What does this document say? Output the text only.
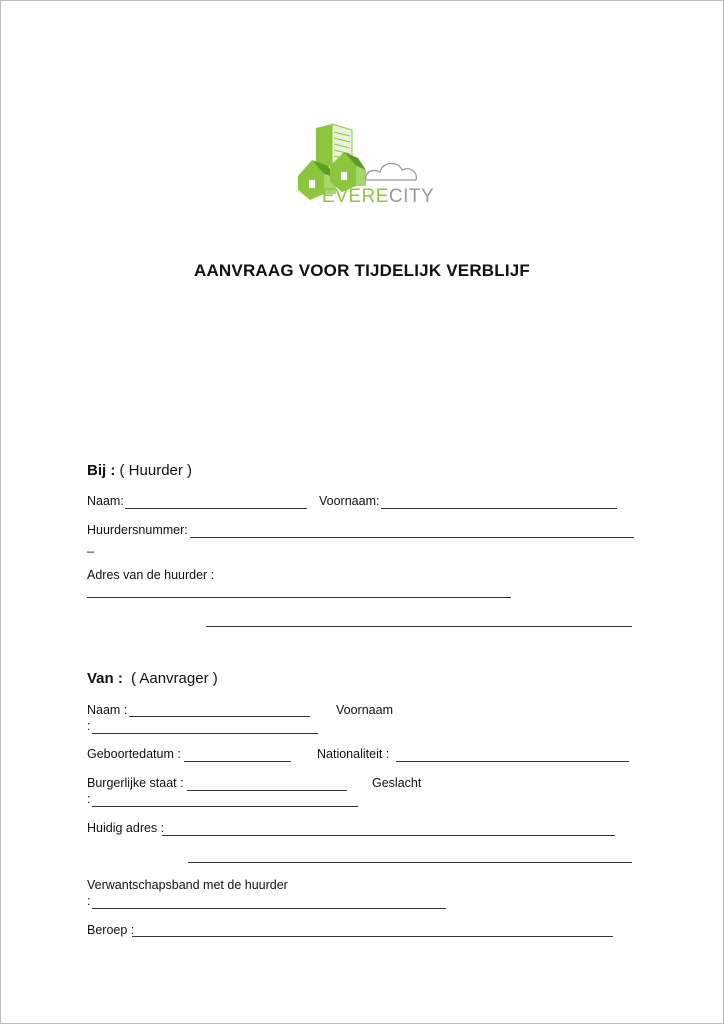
EVERECITY
AANVRAAG VOOR TIJDELIJK VERBLIJF
Bij : ( Huurder )
Naam:	Voornaam:
Huurdersnummer:
_
Adres van de huurder :
Van : ( Aanvrager )
Naam :	Voornaam
:
Geboortedatum :	Nationaliteit :
Burgerlijke staat :	Geslacht
:
Huidig adres :
Verwantschapsband met de huurder
:
Beroep :
